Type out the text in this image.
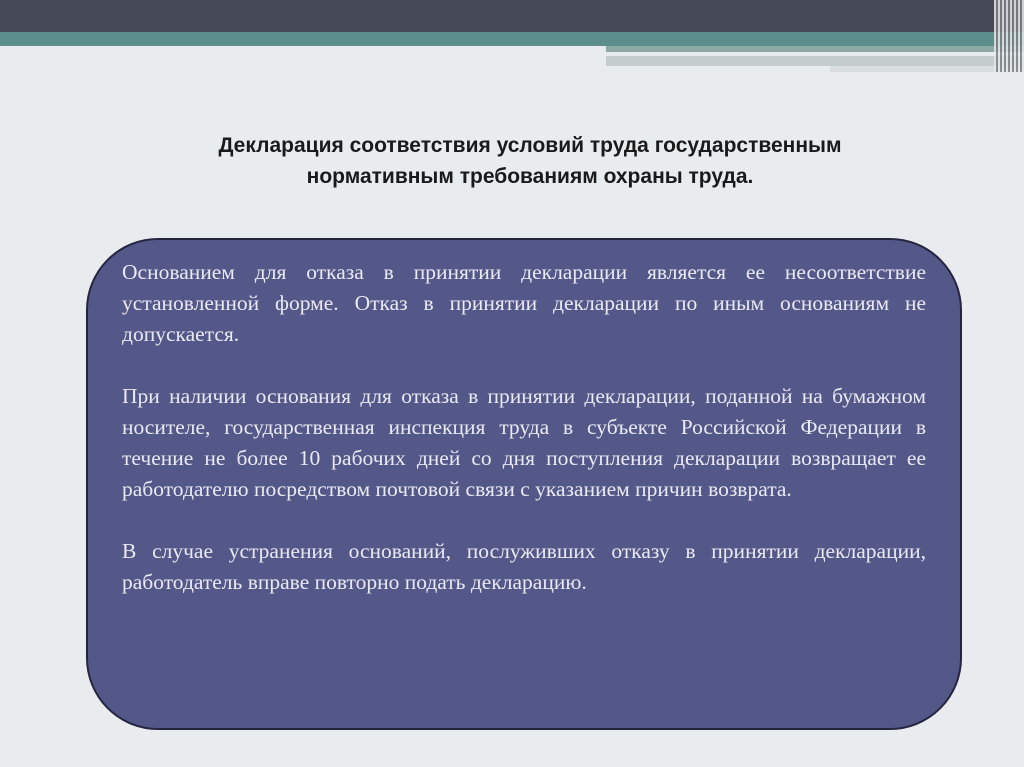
Декларация соответствия условий труда государственным
нормативным требованиям охраны труда.

Основанием для отказа в принятии декларации является ее несоответствие установленной форме. Отказ в принятии декларации по иным основаниям не допускается.

При наличии основания для отказа в принятии декларации, поданной на бумажном носителе, государственная инспекция труда в субъекте Российской Федерации в течение не более 10 рабочих дней со дня поступления декларации возвращает ее работодателю посредством почтовой связи с указанием причин возврата.

В случае устранения оснований, послуживших отказу в принятии декларации, работодатель вправе повторно подать декларацию.
